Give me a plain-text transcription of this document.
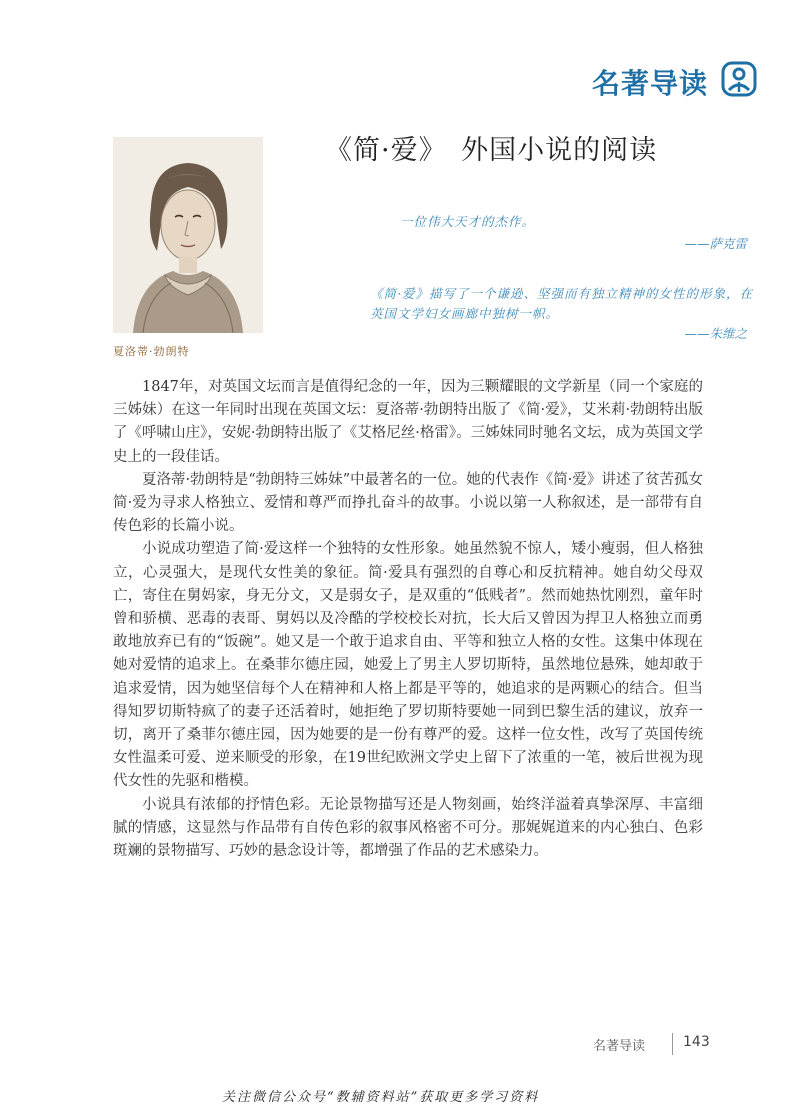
名著导读
夏洛蒂·勃朗特
《简·爱》　外国小说的阅读
一位伟大天才的杰作。
——萨克雷
《简·爱》描写了一个谦逊、坚强而有独立精神的女性的形象，在英国文学妇女画廊中独树一帜。
——朱维之

1847年，对英国文坛而言是值得纪念的一年，因为三颗耀眼的文学新星（同一个家庭的三姊妹）在这一年同时出现在英国文坛：夏洛蒂·勃朗特出版了《简·爱》，艾米莉·勃朗特出版了《呼啸山庄》，安妮·勃朗特出版了《艾格尼丝·格雷》。三姊妹同时驰名文坛，成为英国文学史上的一段佳话。

夏洛蒂·勃朗特是“勃朗特三姊妹”中最著名的一位。她的代表作《简·爱》讲述了贫苦孤女简·爱为寻求人格独立、爱情和尊严而挣扎奋斗的故事。小说以第一人称叙述，是一部带有自传色彩的长篇小说。

小说成功塑造了简·爱这样一个独特的女性形象。她虽然貌不惊人，矮小瘦弱，但人格独立，心灵强大，是现代女性美的象征。简·爱具有强烈的自尊心和反抗精神。她自幼父母双亡，寄住在舅妈家，身无分文，又是弱女子，是双重的“低贱者”。然而她热忱刚烈，童年时曾和骄横、恶毒的表哥、舅妈以及冷酷的学校校长对抗，长大后又曾因为捍卫人格独立而勇敢地放弃已有的“饭碗”。她又是一个敢于追求自由、平等和独立人格的女性。这集中体现在她对爱情的追求上。在桑菲尔德庄园，她爱上了男主人罗切斯特，虽然地位悬殊，她却敢于追求爱情，因为她坚信每个人在精神和人格上都是平等的，她追求的是两颗心的结合。但当得知罗切斯特疯了的妻子还活着时，她拒绝了罗切斯特要她一同到巴黎生活的建议，放弃一切，离开了桑菲尔德庄园，因为她要的是一份有尊严的爱。这样一位女性，改写了英国传统女性温柔可爱、逆来顺受的形象，在19世纪欧洲文学史上留下了浓重的一笔，被后世视为现代女性的先驱和楷模。

小说具有浓郁的抒情色彩。无论景物描写还是人物刻画，始终洋溢着真挚深厚、丰富细腻的情感，这显然与作品带有自传色彩的叙事风格密不可分。那娓娓道来的内心独白、色彩斑斓的景物描写、巧妙的悬念设计等，都增强了作品的艺术感染力。

名著导读	143
关注微信公众号“教辅资料站”获取更多学习资料
